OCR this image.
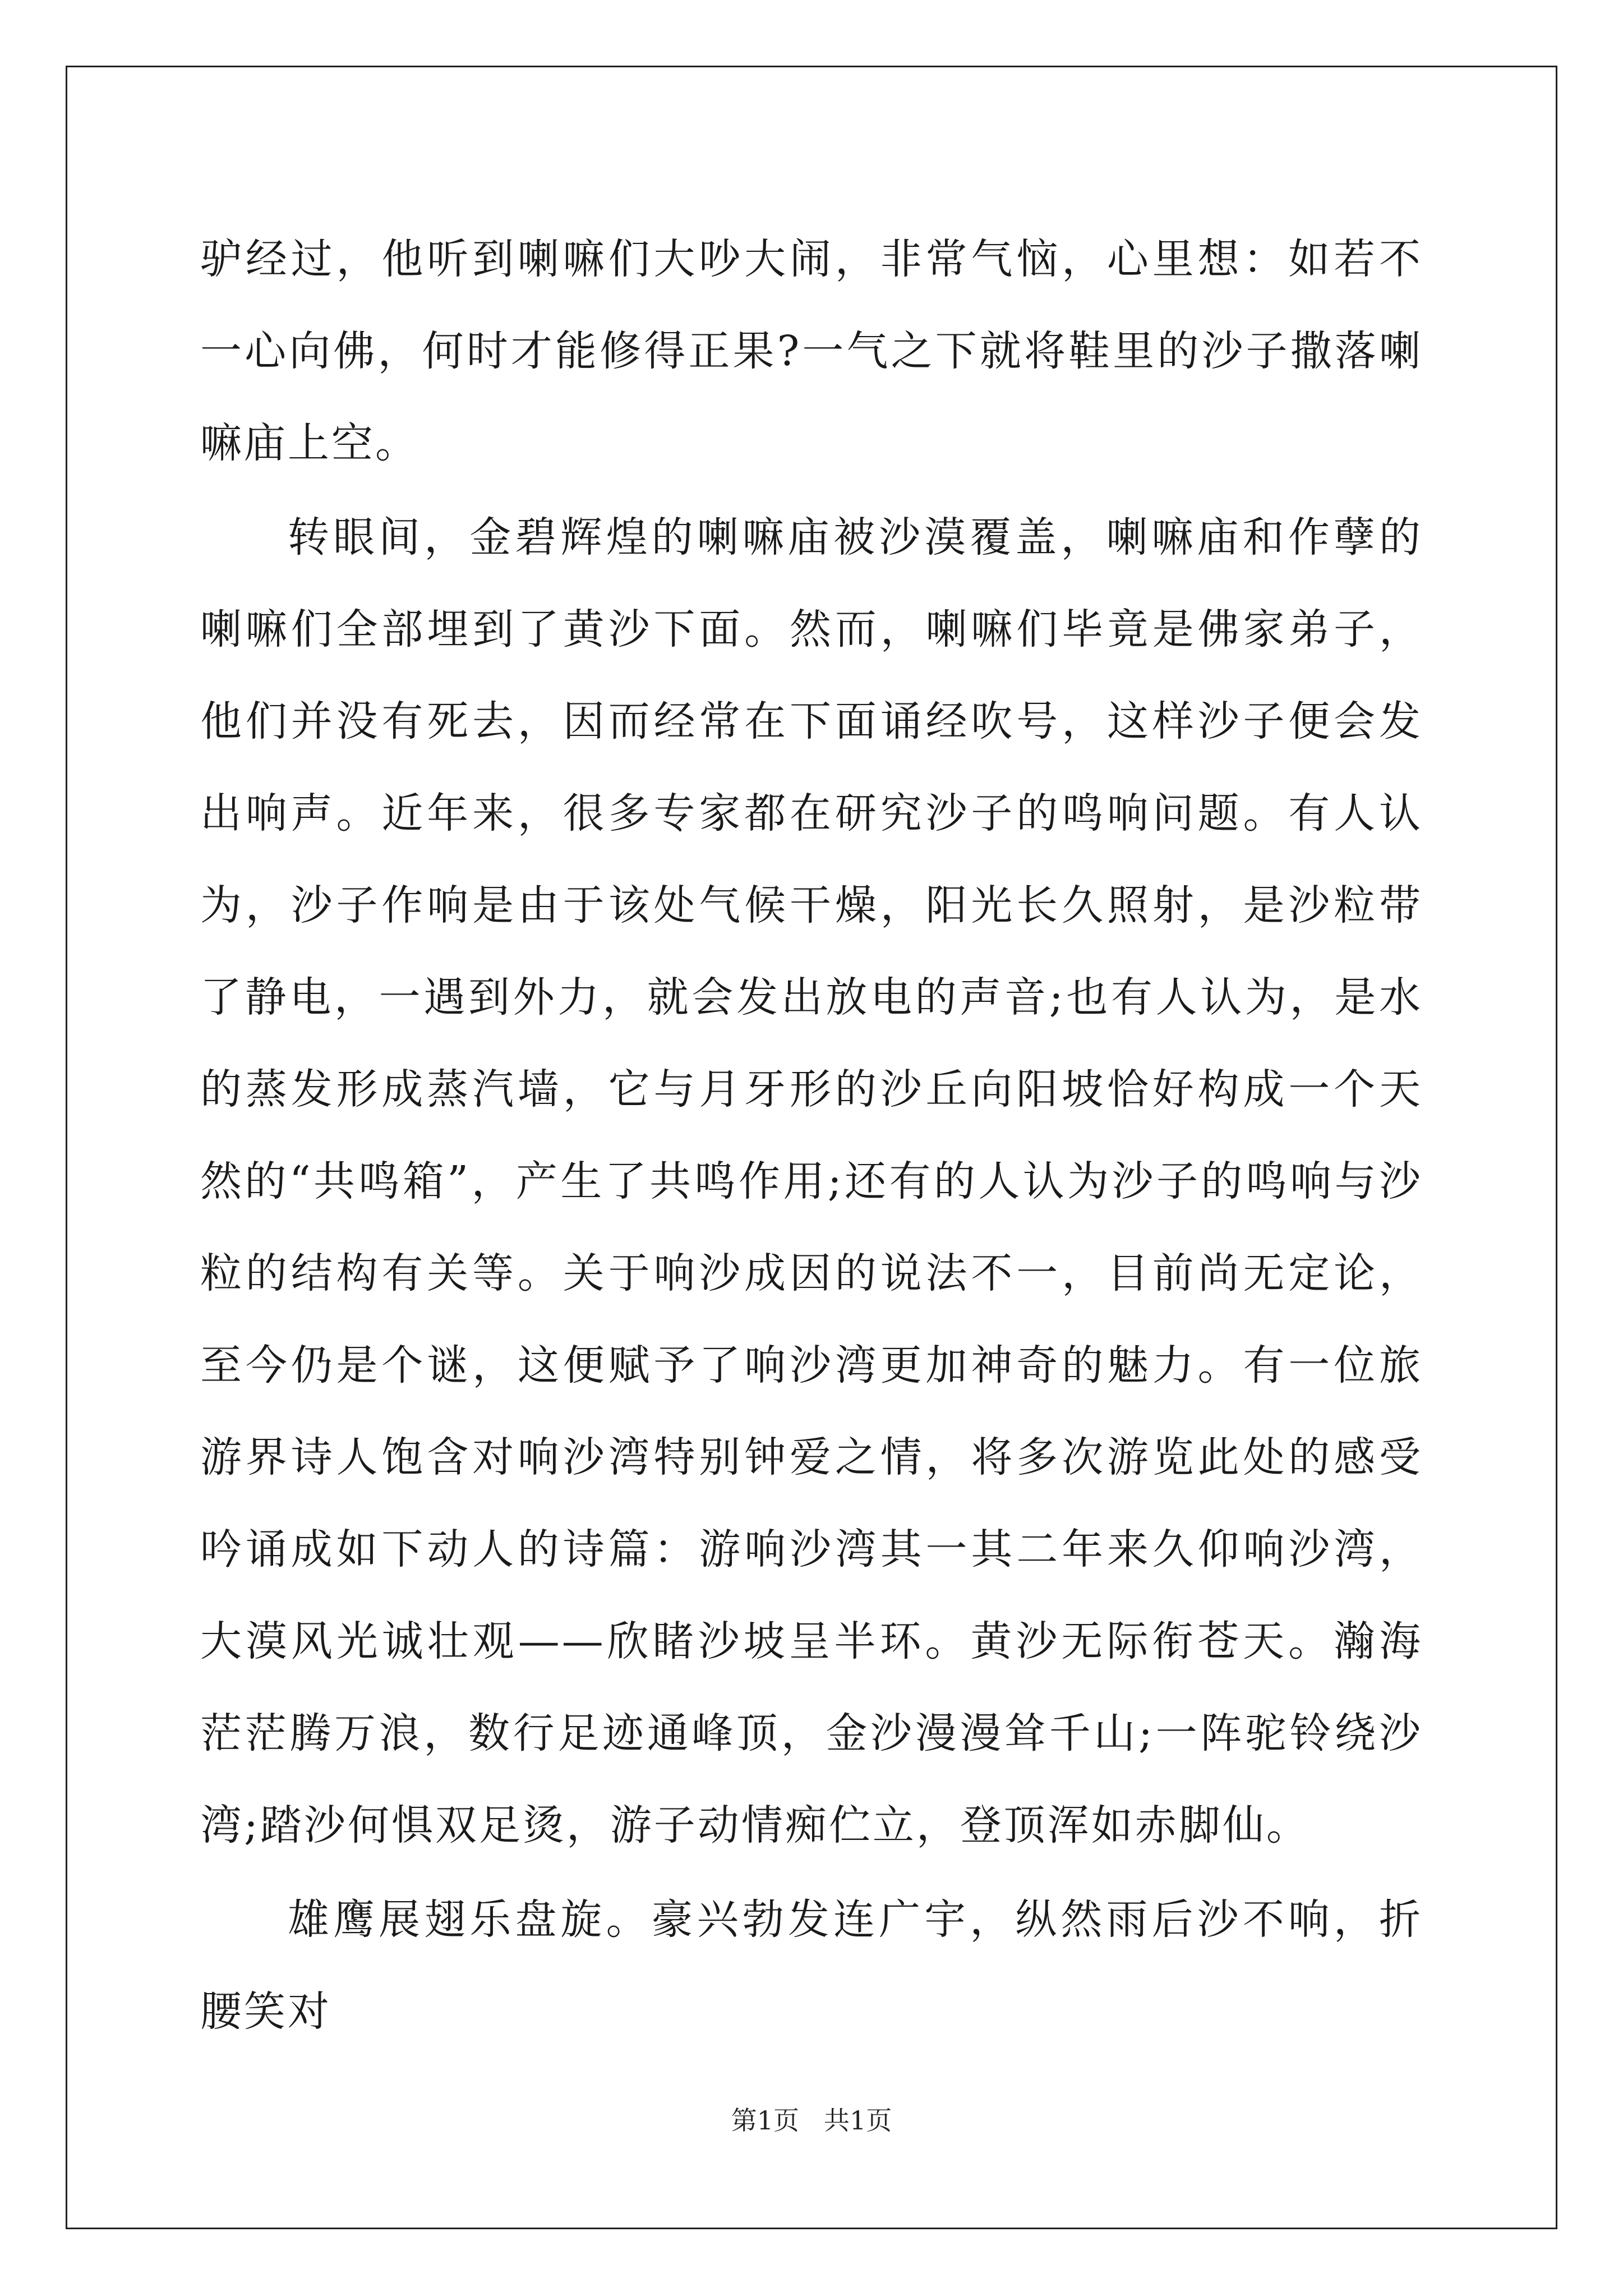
驴经过，他听到喇嘛们大吵大闹，非常气恼，心里想：如若不一心向佛，何时才能修得正果?一气之下就将鞋里的沙子撒落喇嘛庙上空。

转眼间，金碧辉煌的喇嘛庙被沙漠覆盖，喇嘛庙和作孽的喇嘛们全部埋到了黄沙下面。然而，喇嘛们毕竟是佛家弟子，他们并没有死去，因而经常在下面诵经吹号，这样沙子便会发出响声。近年来，很多专家都在研究沙子的鸣响问题。有人认为，沙子作响是由于该处气候干燥，阳光长久照射，是沙粒带了静电，一遇到外力，就会发出放电的声音;也有人认为，是水的蒸发形成蒸汽墙，它与月牙形的沙丘向阳坡恰好构成一个天然的“共鸣箱”，产生了共鸣作用;还有的人认为沙子的鸣响与沙粒的结构有关等。关于响沙成因的说法不一，目前尚无定论，至今仍是个谜，这便赋予了响沙湾更加神奇的魅力。有一位旅游界诗人饱含对响沙湾特别钟爱之情，将多次游览此处的感受吟诵成如下动人的诗篇：游响沙湾其一其二年来久仰响沙湾，大漠风光诚壮观——欣睹沙坡呈半环。黄沙无际衔苍天。瀚海茫茫腾万浪，数行足迹通峰顶，金沙漫漫耸千山;一阵驼铃绕沙湾;踏沙何惧双足烫，游子动情痴伫立，登顶浑如赤脚仙。

雄鹰展翅乐盘旋。豪兴勃发连广宇，纵然雨后沙不响，折腰笑对

第1页 共1页
